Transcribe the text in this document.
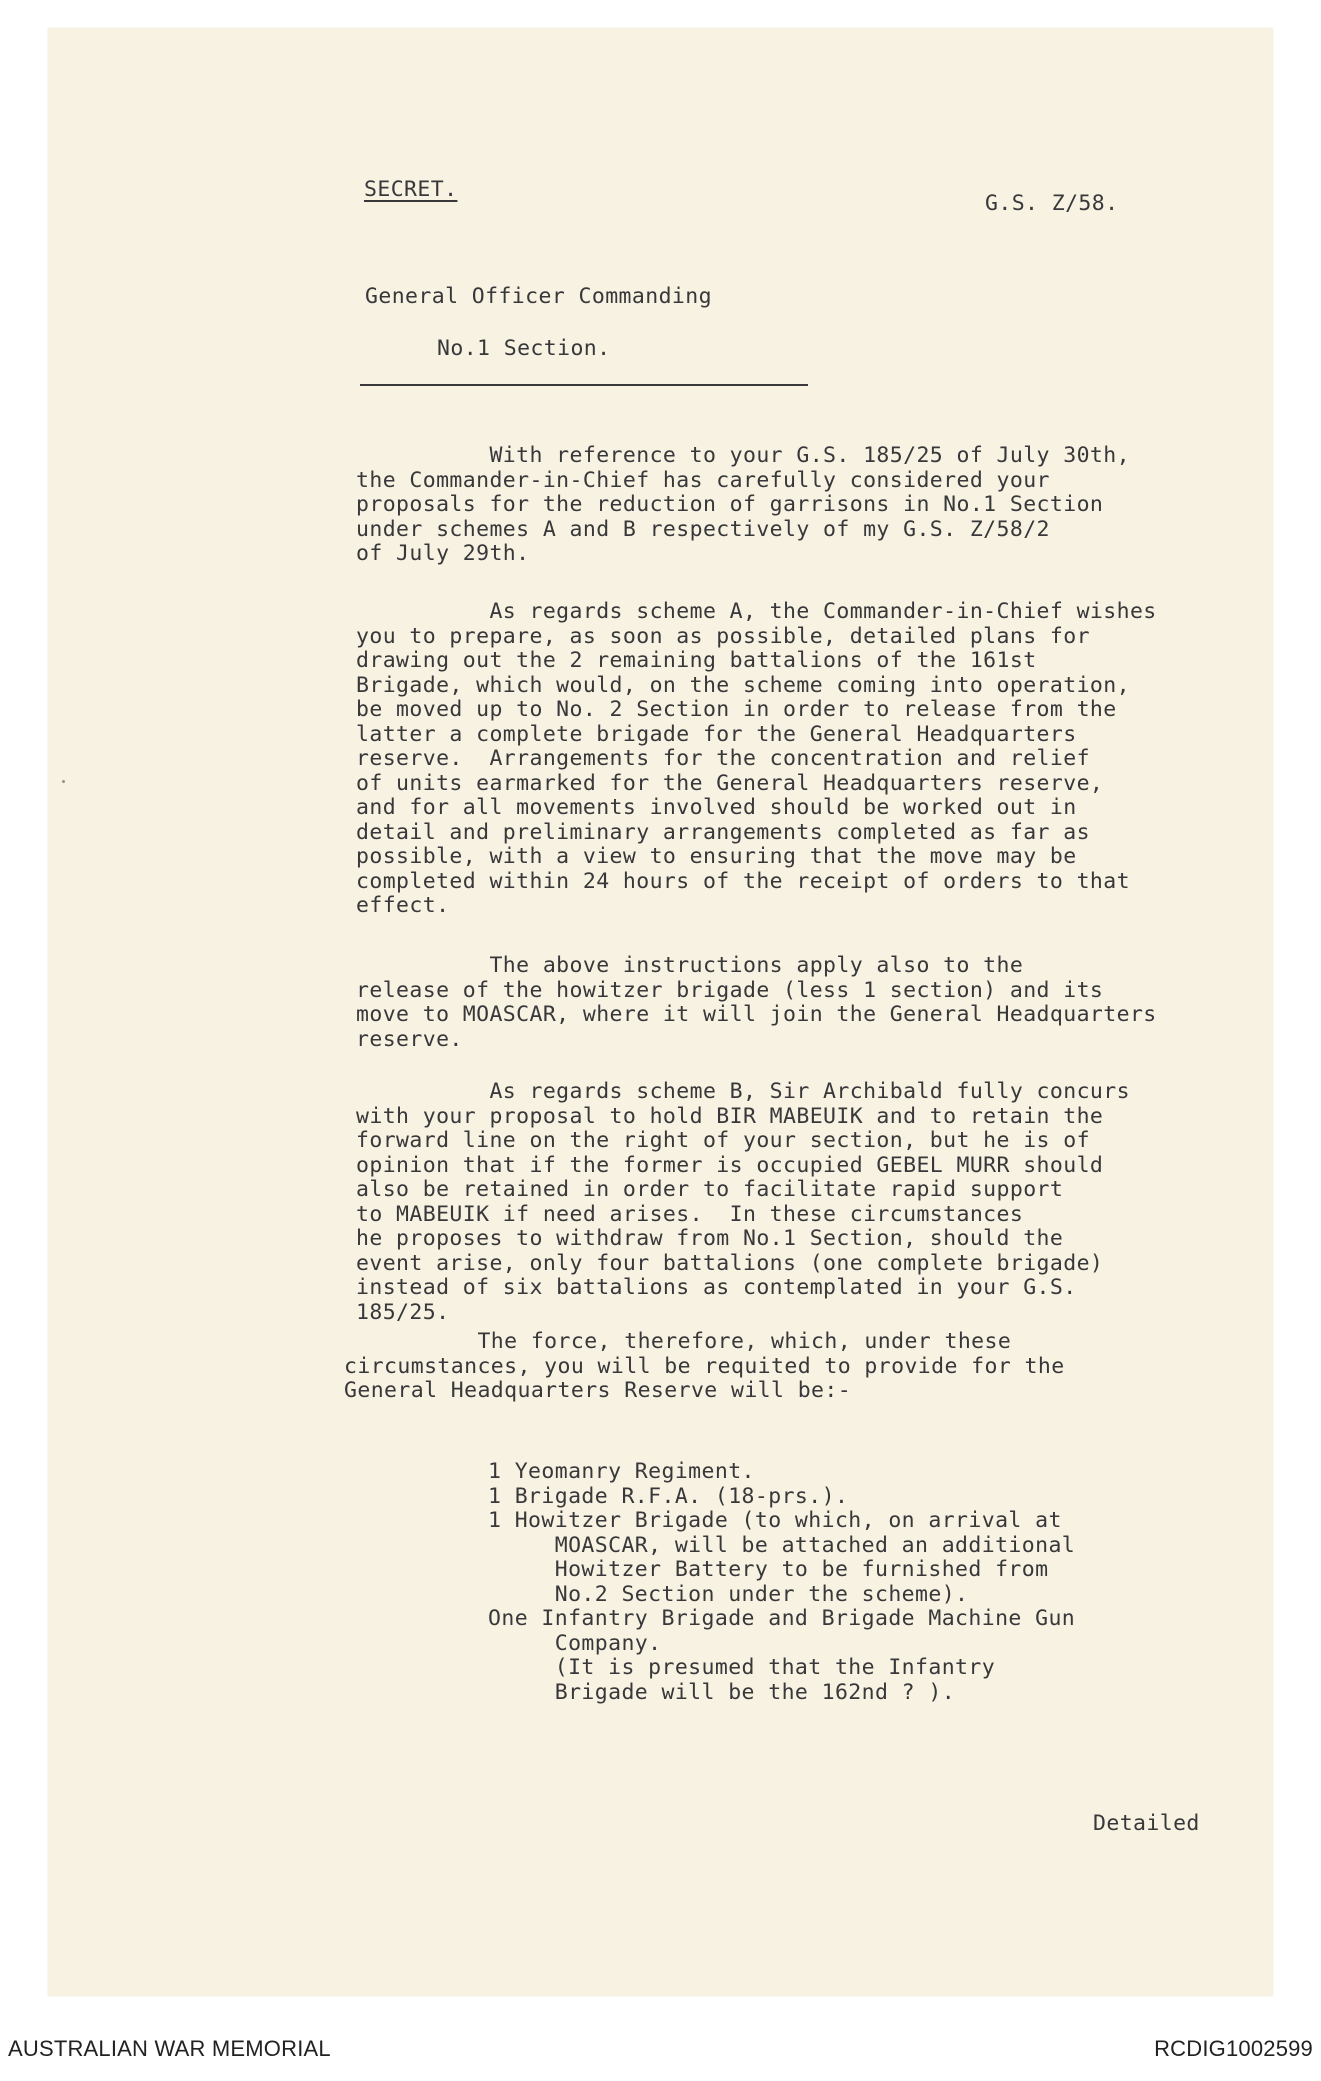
SECRET.
G.S. Z/58.
General Officer Commanding
No.1 Section.
With reference to your G.S. 185/25 of July 30th,
the Commander-in-Chief has carefully considered your
proposals for the reduction of garrisons in No.1 Section
under schemes A and B respectively of my G.S. Z/58/2
of July 29th.
As regards scheme A, the Commander-in-Chief wishes
you to prepare, as soon as possible, detailed plans for
drawing out the 2 remaining battalions of the 161st
Brigade, which would, on the scheme coming into operation,
be moved up to No. 2 Section in order to release from the
latter a complete brigade for the General Headquarters
reserve.  Arrangements for the concentration and relief
of units earmarked for the General Headquarters reserve,
and for all movements involved should be worked out in
detail and preliminary arrangements completed as far as
possible, with a view to ensuring that the move may be
completed within 24 hours of the receipt of orders to that
effect.
The above instructions apply also to the
release of the howitzer brigade (less 1 section) and its
move to MOASCAR, where it will join the General Headquarters
reserve.
As regards scheme B, Sir Archibald fully concurs
with your proposal to hold BIR MABEUIK and to retain the
forward line on the right of your section, but he is of
opinion that if the former is occupied GEBEL MURR should
also be retained in order to facilitate rapid support
to MABEUIK if need arises.  In these circumstances
he proposes to withdraw from No.1 Section, should the
event arise, only four battalions (one complete brigade)
instead of six battalions as contemplated in your G.S.
185/25.
The force, therefore, which, under these
circumstances, you will be requited to provide for the
General Headquarters Reserve will be:-
1 Yeomanry Regiment.
1 Brigade R.F.A. (18-prs.).
1 Howitzer Brigade (to which, on arrival at
MOASCAR, will be attached an additional
Howitzer Battery to be furnished from
No.2 Section under the scheme).
One Infantry Brigade and Brigade Machine Gun
Company.
(It is presumed that the Infantry
Brigade will be the 162nd ? ).
Detailed
AUSTRALIAN WAR MEMORIAL	RCDIG1002599
